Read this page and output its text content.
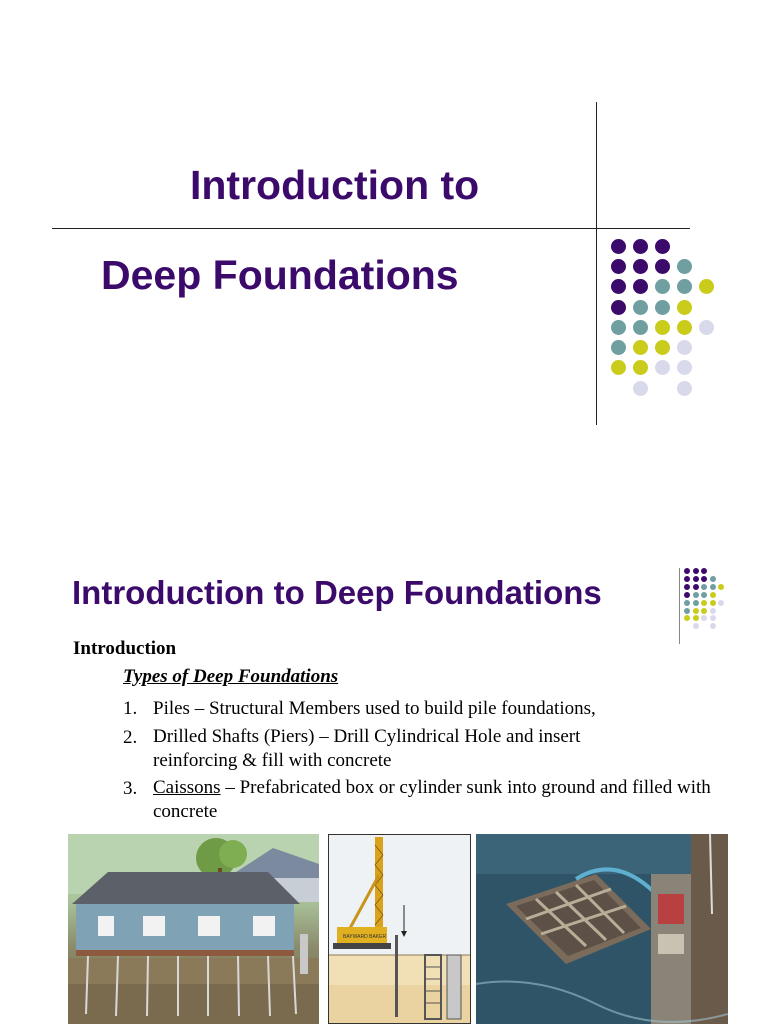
Introduction to
Deep Foundations
Introduction to Deep Foundations
Introduction
Types of Deep Foundations
1. Piles – Structural Members used to build pile foundations,
2. Drilled Shafts (Piers) – Drill Cylindrical Hole and insert reinforcing & fill with concrete
3. Caissons – Prefabricated box or cylinder sunk into ground and filled with concrete
BAYWARD BAKER
